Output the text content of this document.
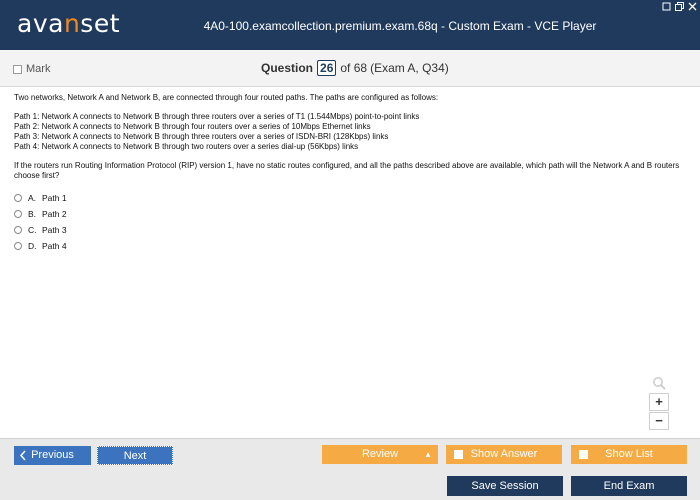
avanset	4A0-100.examcollection.premium.exam.68q - Custom Exam - VCE Player
Mark	Question 26 of 68 (Exam A, Q34)

Two networks, Network A and Network B, are connected through four routed paths. The paths are configured as follows:

Path 1: Network A connects to Network B through three routers over a series of T1 (1.544Mbps) point-to-point links
Path 2: Network A connects to Network B through four routers over a series of 10Mbps Ethernet links
Path 3: Network A connects to Network B through three routers over a series of ISDN-BRI (128Kbps) links
Path 4: Network A connects to Network B through two routers over a series dial-up (56Kbps) links

If the routers run Routing Information Protocol (RIP) version 1, have no static routes configured, and all the paths described above are available, which path will the Network A and B routers choose first?

A. Path 1
B. Path 2
C. Path 3
D. Path 4
+
−
Previous	Next	Review	▲	Show Answer	Show List
Save Session	End Exam
